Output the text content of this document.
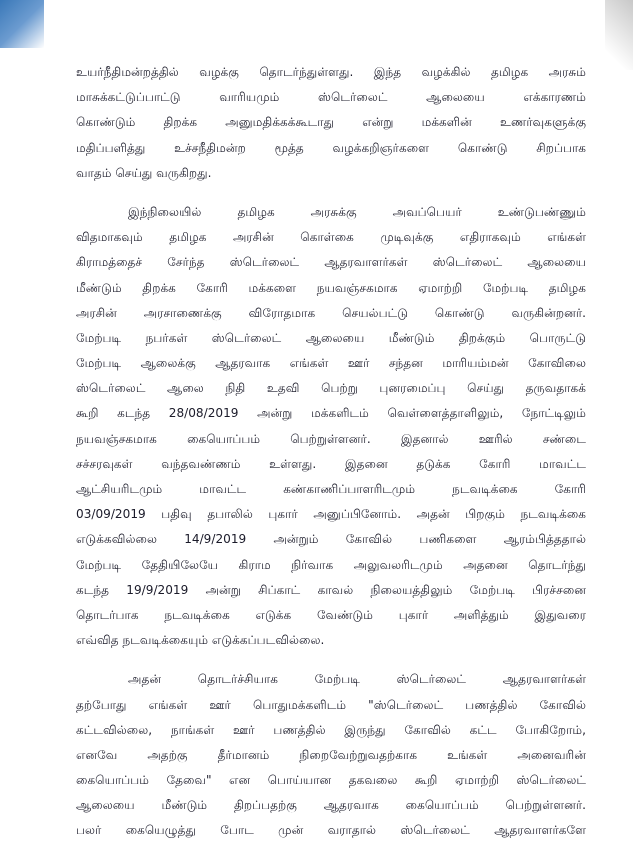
உயர்நீதிமன்றத்தில் வழக்கு தொடர்ந்துள்ளது. இந்த வழக்கில் தமிழக அரசும்
மாசுக்கட்டுப்பாட்டு வாரியமும் ஸ்டெர்லைட் ஆலையை எக்காரணம்
கொண்டும் திறக்க அனுமதிக்கக்கூடாது என்று மக்களின் உணர்வுகளுக்கு
மதிப்பளித்து உச்சநீதிமன்ற மூத்த வழக்கறிஞர்களை கொண்டு சிறப்பாக
வாதம் செய்து வருகிறது.
இந்நிலையில் தமிழக அரசுக்கு அவப்பெயர் உண்டுபண்ணும்
விதமாகவும் தமிழக அரசின் கொள்கை முடிவுக்கு எதிராகவும் எங்கள்
கிராமத்தைச் சேர்ந்த ஸ்டெர்லைட் ஆதரவாளர்கள் ஸ்டெர்லைட் ஆலையை
மீண்டும் திறக்க கோரி மக்களை நயவஞ்சகமாக ஏமாற்றி மேற்படி தமிழக
அரசின் அரசாணைக்கு விரோதமாக செயல்பட்டு கொண்டு வருகின்றனர்.
மேற்படி நபர்கள் ஸ்டெர்லைட் ஆலையை மீண்டும் திறக்கும் பொருட்டு
மேற்படி ஆலைக்கு ஆதரவாக எங்கள் ஊர் சந்தன மாரியம்மன் கோவிலை
ஸ்டெர்லைட் ஆலை நிதி உதவி பெற்று புனரமைப்பு செய்து தருவதாகக்
கூறி கடந்த 28/08/2019 அன்று மக்களிடம் வெள்ளைத்தாளிலும், நோட்டிலும்
நயவஞ்சகமாக கையொப்பம் பெற்றுள்ளனர். இதனால் ஊரில் சண்டை
சச்சரவுகள் வந்தவண்ணம் உள்ளது. இதனை தடுக்க கோரி மாவட்ட
ஆட்சியரிடமும் மாவட்ட கண்காணிப்பாளரிடமும் நடவடிக்கை கோரி
03/09/2019 பதிவு தபாலில் புகார் அனுப்பினோம். அதன் பிறகும் நடவடிக்கை
எடுக்கவில்லை 14/9/2019 அன்றும் கோவில் பணிகளை ஆரம்பித்ததால்
மேற்படி தேதியிலேயே கிராம நிர்வாக அலுவலரிடமும் அதனை தொடர்ந்து
கடந்த 19/9/2019 அன்று சிப்காட் காவல் நிலையத்திலும் மேற்படி பிரச்சனை
தொடர்பாக நடவடிக்கை எடுக்க வேண்டும் புகார் அளித்தும் இதுவரை
எவ்வித நடவடிக்கையும் எடுக்கப்படவில்லை.
அதன் தொடர்ச்சியாக மேற்படி ஸ்டெர்லைட் ஆதரவாளர்கள்
தற்போது எங்கள் ஊர் பொதுமக்களிடம் "ஸ்டெர்லைட் பணத்தில் கோவில்
கட்டவில்லை, நாங்கள் ஊர் பணத்தில் இருந்து கோவில் கட்ட போகிறோம்,
எனவே அதற்கு தீர்மானம் நிறைவேற்றுவதற்காக உங்கள் அனைவரின்
கையொப்பம் தேவை" என பொய்யான தகவலை கூறி ஏமாற்றி ஸ்டெர்லைட்
ஆலையை மீண்டும் திறப்பதற்கு ஆதரவாக கையொப்பம் பெற்றுள்ளனர்.
பலர் கையெழுத்து போட முன் வராதால் ஸ்டெர்லைட் ஆதரவாளர்களே
